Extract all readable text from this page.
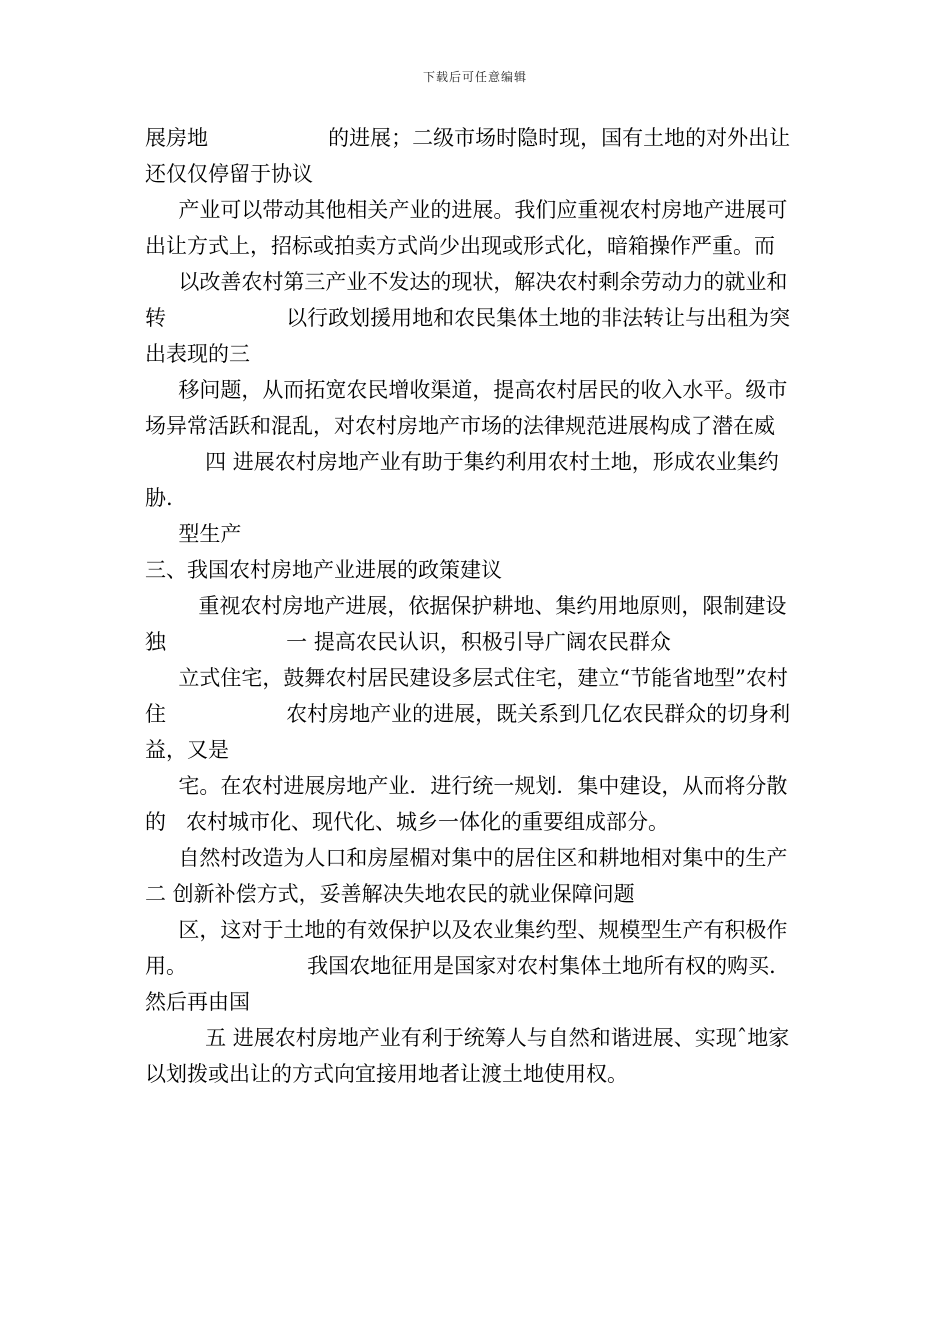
下载后可任意编辑

展房地                  的进展；二级市场时隐时现，国有土地的对外出让还仅仅停留于协议

产业可以带动其他相关产业的进展。我们应重视农村房地产进展可                  出让方式上，招标或拍卖方式尚少出现或形式化，暗箱操作严重。而

以改善农村第三产业不发达的现状，解决农村剩余劳动力的就业和转                  以行政划援用地和农民集体土地的非法转让与出租为突出表现的三

移问题，从而拓宽农民增收渠道，提高农村居民的收入水平。级市场异常活跃和混乱，对农村房地产市场的法律规范进展构成了潜在威

四 进展农村房地产业有助于集约利用农村土地，形成农业集约 胁.

型生产                                                                               三、我国农村房地产业进展的政策建议

重视农村房地产进展，依据保护耕地、集约用地原则，限制建设独                  一 提高农民认识，积极引导广阔农民群众

立式住宅，鼓舞农村居民建设多层式住宅，建立“节能省地型”农村住                  农村房地产业的进展，既关系到几亿农民群众的切身利益，又是

宅。在农村进展房地产业．进行统一规划．集中建设，从而将分散的   农村城市化、现代化、城乡一体化的重要组成部分。

自然村改造为人口和房屋楣对集中的居住区和耕地相对集中的生产                       二 创新补偿方式，妥善解决失地农民的就业保障问题

区，这对于土地的有效保护以及农业集约型、规模型生产有积极作用。                  我国农地征用是国家对农村集体土地所有权的购买．然后再由国

五 进展农村房地产业有利于统筹人与自然和谐进展、实现ˆ地家以划拨或出让的方式向宜接用地者让渡土地使用权。
